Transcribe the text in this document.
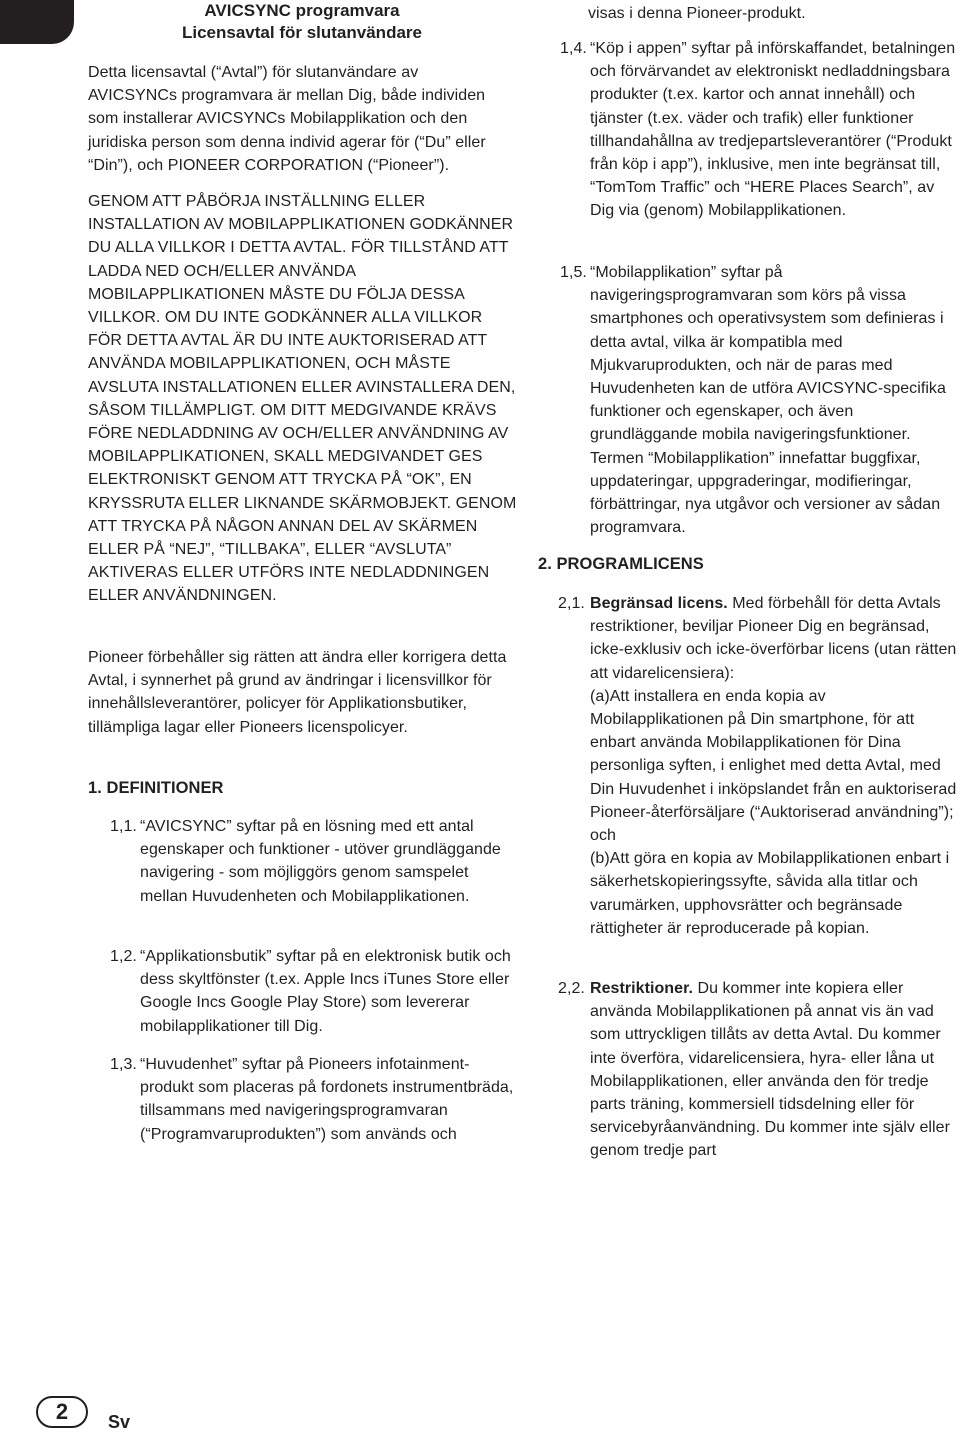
AVICSYNC programvara
Licensavtal för slutanvändare

Detta licensavtal (“Avtal”) för slutanvändare av AVICSYNCs programvara är mellan Dig, både individen som installerar AVICSYNCs Mobilapplikation och den juridiska person som denna individ agerar för (“Du” eller “Din”), och PIONEER CORPORATION (“Pioneer”).

GENOM ATT PÅBÖRJA INSTÄLLNING ELLER INSTALLATION AV MOBILAPPLIKATIONEN GODKÄNNER DU ALLA VILLKOR I DETTA AVTAL. FÖR TILLSTÅND ATT LADDA NED OCH/ELLER ANVÄNDA MOBILAPPLIKATIONEN MÅSTE DU FÖLJA DESSA VILLKOR. OM DU INTE GODKÄNNER ALLA VILLKOR FÖR DETTA AVTAL ÄR DU INTE AUKTORISERAD ATT ANVÄNDA MOBILAPPLIKATIONEN, OCH MÅSTE AVSLUTA INSTALLATIONEN ELLER AVINSTALLERA DEN, SÅSOM TILLÄMPLIGT. OM DITT MEDGIVANDE KRÄVS FÖRE NEDLADDNING AV OCH/ELLER ANVÄNDNING AV MOBILAPPLIKATIONEN, SKALL MEDGIVANDET GES ELEKTRONISKT GENOM ATT TRYCKA PÅ “OK”, EN KRYSSRUTA ELLER LIKNANDE SKÄRMOBJEKT. GENOM ATT TRYCKA PÅ NÅGON ANNAN DEL AV SKÄRMEN ELLER PÅ “NEJ”, “TILLBAKA”, ELLER “AVSLUTA” AKTIVERAS ELLER UTFÖRS INTE NEDLADDNINGEN ELLER ANVÄNDNINGEN.

Pioneer förbehåller sig rätten att ändra eller korrigera detta Avtal, i synnerhet på grund av ändringar i licensvillkor för innehållsleverantörer, policyer för Applikationsbutiker, tillämpliga lagar eller Pioneers licenspolicyer.

1. DEFINITIONER
1,1. “AVICSYNC” syftar på en lösning med ett antal egenskaper och funktioner - utöver grundläggande navigering - som möjliggörs genom samspelet mellan Huvudenheten och Mobilapplikationen.
1,2. “Applikationsbutik” syftar på en elektronisk butik och dess skyltfönster (t.ex. Apple Incs iTunes Store eller Google Incs Google Play Store) som levererar mobilapplikationer till Dig.
1,3. “Huvudenhet” syftar på Pioneers infotainment-produkt som placeras på fordonets instrumentbräda, tillsammans med navigeringsprogramvaran (“Programvaruprodukten”) som används och

visas i denna Pioneer-produkt.

1,4. “Köp i appen” syftar på införskaffandet, betalningen och förvärvandet av elektroniskt nedladdningsbara produkter (t.ex. kartor och annat innehåll) och tjänster (t.ex. väder och trafik) eller funktioner tillhandahållna av tredjepartsleverantörer (“Produkt från köp i app”), inklusive, men inte begränsat till, “TomTom Traffic” och “HERE Places Search”, av Dig via (genom) Mobilapplikationen.
1,5. “Mobilapplikation” syftar på navigeringsprogramvaran som körs på vissa smartphones och operativsystem som definieras i detta avtal, vilka är kompatibla med Mjukvaruprodukten, och när de paras med Huvudenheten kan de utföra AVICSYNC-specifika funktioner och egenskaper, och även grundläggande mobila navigeringsfunktioner. Termen “Mobilapplikation” innefattar buggfixar, uppdateringar, uppgraderingar, modifieringar, förbättringar, nya utgåvor och versioner av sådan programvara.
2. PROGRAMLICENS
2,1. Begränsad licens. Med förbehåll för detta Avtals restriktioner, beviljar Pioneer Dig en begränsad, icke-exklusiv och icke-överförbar licens (utan rätten att vidarelicensiera):
(a)Att installera en enda kopia av Mobilapplikationen på Din smartphone, för att enbart använda Mobilapplikationen för Dina personliga syften, i enlighet med detta Avtal, med Din Huvudenhet i inköpslandet från en auktoriserad Pioneer-återförsäljare (“Auktoriserad användning”); och
(b)Att göra en kopia av Mobilapplikationen enbart i säkerhetskopieringssyfte, såvida alla titlar och varumärken, upphovsrätter och begränsade rättigheter är reproducerade på kopian.
2,2. Restriktioner. Du kommer inte kopiera eller använda Mobilapplikationen på annat vis än vad som uttryckligen tillåts av detta Avtal. Du kommer inte överföra, vidarelicensiera, hyra- eller låna ut Mobilapplikationen, eller använda den för tredje parts träning, kommersiell tidsdelning eller för servicebyråanvändning. Du kommer inte själv eller genom tredje part
2	Sv
